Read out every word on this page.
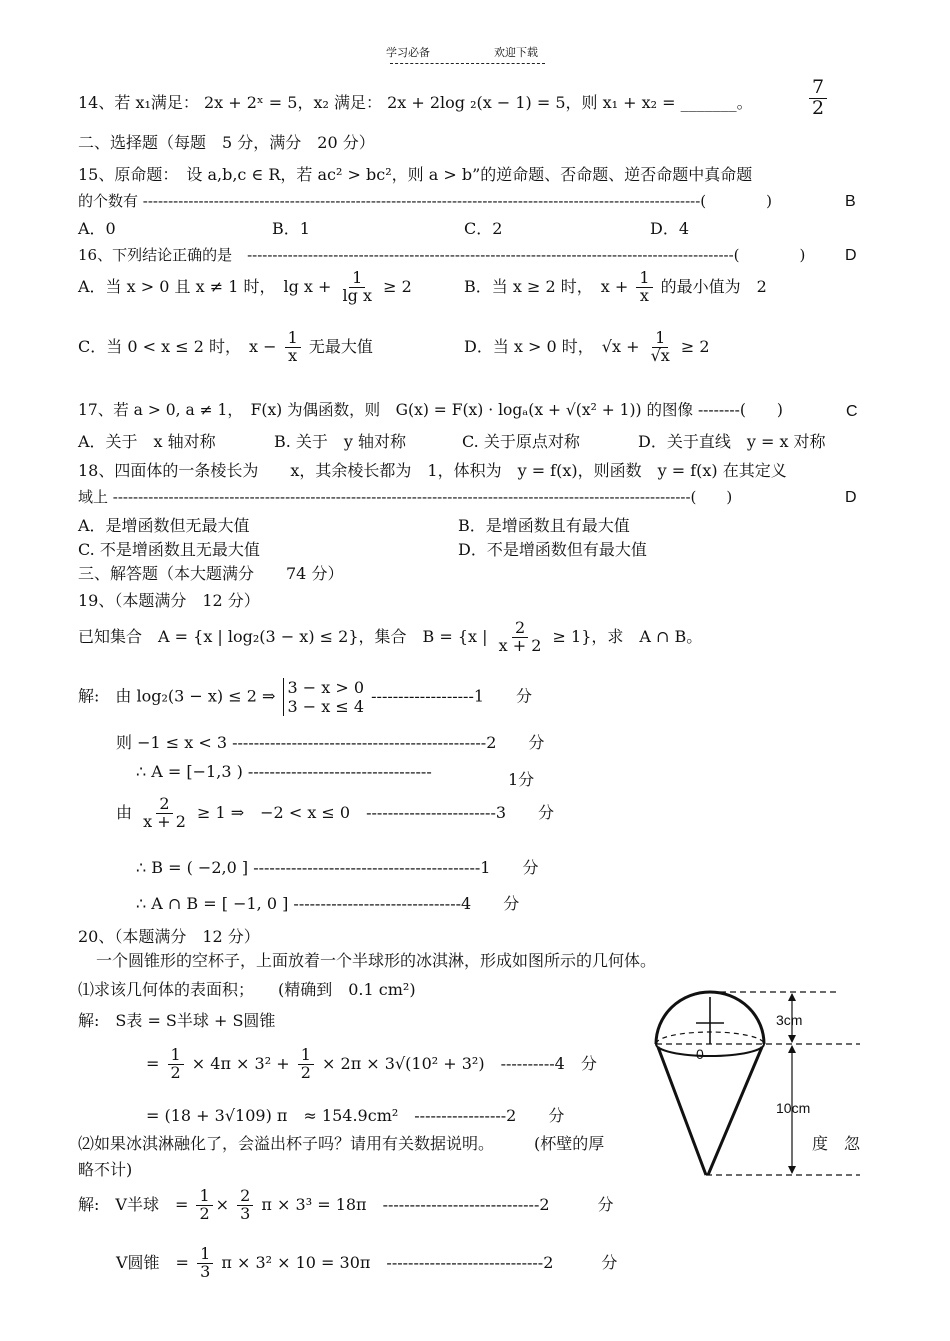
学习必备	欢迎下载
14、若 x₁满足： 2x + 2ˣ = 5，x₂ 满足： 2x + 2log ₂(x − 1) = 5，则 x₁ + x₂ = _______。	$\frac{7}{2}$
二、选择题（每题　5 分，满分　20 分）
15、原命题：　设 a,b,c ∈ R，若 ac² > bc²，则 a > b”的逆命题、否命题、逆否命题中真命题
的个数有 --------------------------------------------------------------------------------------------------------------(　　　　)	B
A．0	B．1	C．2	D．4
16、下列结论正确的是　------------------------------------------------------------------------------------------------(　　　　) D
A．当 x > 0 且 x ≠ 1 时，　$\lg x + \frac{1}{\text{lg x}} \ge 2$	B．当 x ≥ 2 时，　$x + \frac{1}{x}$ 的最小值为　2
C．当 0 < x ≤ 2 时，　$x - \frac{1}{x}$ 无最大值	D．当 x > 0 时，　$√x + \frac{1}{√x} \ge 2$
17、若 a > 0, a ≠ 1，　F(x) 为偶函数，则　G(x) = F(x) · logₐ(x + √(x² + 1)) 的图像 --------(　　)	C
A．关于　x 轴对称	B. 关于　y 轴对称	C. 关于原点对称	D．关于直线　y = x 对称
18、四面体的一条棱长为　　x，其余棱长都为　1，体积为　y = f(x)，则函数　y = f(x) 在其定义
域上 ------------------------------------------------------------------------------------------------------------------(　　)	D
A．是增函数但无最大值	B．是增函数且有最大值
C. 不是增函数且无最大值	D．不是增函数但有最大值
三、解答题（本大题满分　　74 分）
19、（本题满分　12 分）
已知集合　A = {x | log₂(3 − x) ≤ 2}，集合　B = {x | $\frac{2}{x + 2} \ge 1$}，求　A ∩ B。
解:　由 log₂(3 − x) ≤ 2 ⇒ 3 − x > 0
3 − x ≤ 4
-------------------1　　分
则 −1 ≤ x < 3 -----------------------------------------------2　　分
∴ A = [−1,3 ) ----------------------------------	1分
由 $\frac{2}{x + 2} \ge 1$ ⇒　−2 < x ≤ 0　------------------------3　　分
∴ B = ( −2,0 ] ------------------------------------------1　　分
∴ A ∩ B = [ −1, 0 ] -------------------------------4　　分
20、（本题满分　12 分）
一个圆锥形的空杯子，上面放着一个半球形的冰淇淋，形成如图所示的几何体。
⑴求该几何体的表面积；　　(精确到　0.1 cm²)
解:　S表 = S半球 + S圆锥
= $\frac{1}{2} \times 4\pi \times 3^2 + \frac{1}{2} \times 2\pi \times 3√(10^2 + 3^2)$　----------4　分
= (18 + 3√109) π　≈ 154.9cm²　-----------------2　　分
⑵如果冰淇淋融化了，会溢出杯子吗？请用有关数据说明。　　　(杯壁的厚	度　忽
略不计)
解:　V半球　= $\frac{1}{2} \times \frac{2}{3}$ π × 3³ = 18π　-----------------------------2　　　分
V圆锥　= $\frac{1}{3}$ π × 3² × 10 = 30π　-----------------------------2　　　分
3cm
10cm
0
